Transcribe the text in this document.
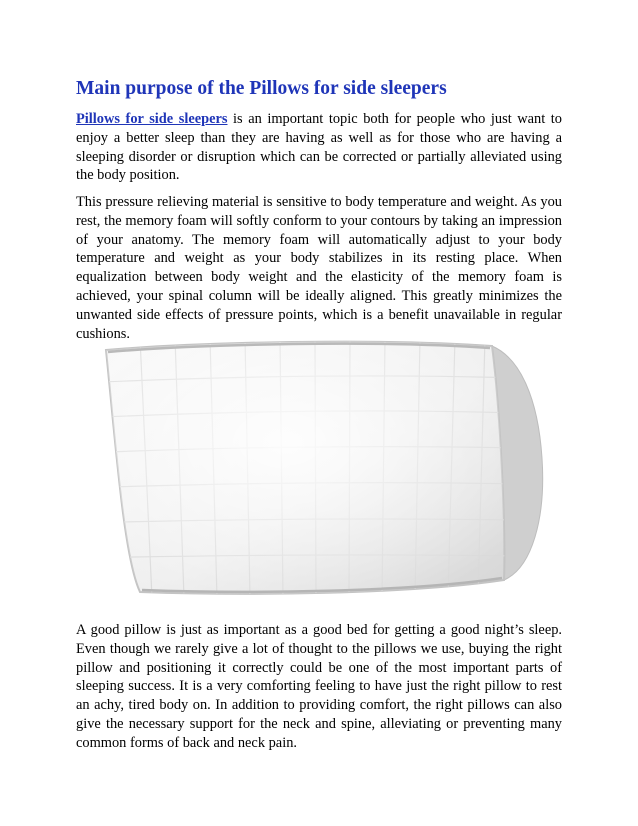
Main purpose of the Pillows for side sleepers

Pillows for side sleepers is an important topic both for people who just want to enjoy a better sleep than they are having as well as for those who are having a sleeping disorder or disruption which can be corrected or partially alleviated using the body position.

This pressure relieving material is sensitive to body temperature and weight. As you rest, the memory foam will softly conform to your contours by taking an impression of your anatomy. The memory foam will automatically adjust to your body temperature and weight as your body stabilizes in its resting place. When equalization between body weight and the elasticity of the memory foam is achieved, your spinal column will be ideally aligned. This greatly minimizes the unwanted side effects of pressure points, which is a benefit unavailable in regular cushions.

A good pillow is just as important as a good bed for getting a good night’s sleep. Even though we rarely give a lot of thought to the pillows we use, buying the right pillow and positioning it correctly could be one of the most important parts of sleeping success. It is a very comforting feeling to have just the right pillow to rest an achy, tired body on. In addition to providing comfort, the right pillows can also give the necessary support for the neck and spine, alleviating or preventing many common forms of back and neck pain.
